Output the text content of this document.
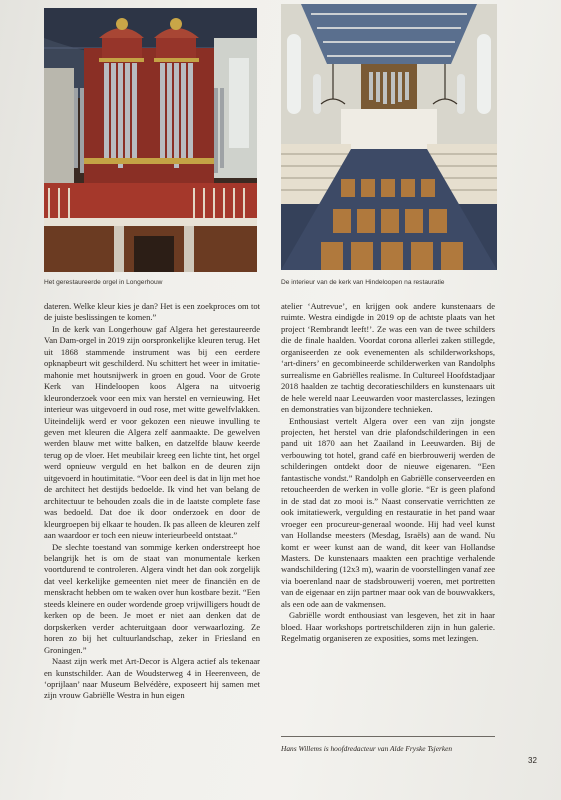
Het gerestaureerde orgel in Longerhouw	De interieur van de kerk van Hindeloopen na restauratie

dateren. Welke kleur kies je dan? Het is een zoekproces om tot de juiste beslissingen te komen.”

In de kerk van Longerhouw gaf Algera het gerestaureerde Van Dam-orgel in 2019 zijn oorspronkelijke kleuren terug. Het uit 1868 stammende instrument was bij een eerdere opknapbeurt wit geschilderd. Nu schittert het weer in imitatie-mahonie met houtsnijwerk in groen en goud. Voor de Grote Kerk van Hindeloopen koos Algera na uitvoerig kleuronderzoek voor een mix van herstel en vernieuwing. Het interieur was uitgevoerd in oud rose, met witte gewelfvlakken. Uiteindelijk werd er voor gekozen een nieuwe invulling te geven met kleuren die Algera zelf aanmaakte. De gewelven werden blauw met witte balken, en datzelfde blauw keerde terug op de vloer. Het meubilair kreeg een lichte tint, het orgel werd opnieuw verguld en het balkon en de deuren zijn uitgevoerd in houtimitatie. “Voor een deel is dat in lijn met hoe de architect het destijds bedoelde. Ik vind het van belang de architectuur te behouden zoals die in de laatste complete fase was bedoeld. Dat doe ik door onderzoek en door de kleurgroepen bij elkaar te houden. Ik pas alleen de kleuren zelf aan waardoor er toch een nieuw interieurbeeld ontstaat.”

De slechte toestand van sommige kerken onderstreept hoe belangrijk het is om de staat van monumentale kerken voortdurend te controleren. Algera vindt het dan ook zorgelijk dat veel kerkelijke gemeenten niet meer de financiën en de menskracht hebben om te waken over hun kostbare bezit. “Een steeds kleinere en ouder wordende groep vrijwilligers houdt de kerken op de been. Je moet er niet aan denken dat de dorpskerken verder achteruitgaan door verwaarlozing. Ze horen zo bij het cultuurlandschap, zeker in Friesland en Groningen.”

Naast zijn werk met Art-Decor is Algera actief als tekenaar en kunstschilder. Aan de Woudsterweg 4 in Heerenveen, de ‘oprijlaan’ naar Museum Belvédère, exposeert hij samen met zijn vrouw Gabriëlle Westra in hun eigen

atelier ‘Autrevue’, en krijgen ook andere kunstenaars de ruimte. Westra eindigde in 2019 op de achtste plaats van het project ‘Rembrandt leeft!’. Ze was een van de twee schilders die de finale haalden. Voordat corona allerlei zaken stillegde, organiseerden ze ook evenementen als schilderworkshops, ‘art-diners’ en gecombineerde schilderwerken van Randolphs surrealisme en Gabriëlles realisme. In Cultureel Hoofdstadjaar 2018 haalden ze tachtig decoratieschilders en kunstenaars uit de hele wereld naar Leeuwarden voor masterclasses, lezingen en demonstraties van bijzondere technieken.

Enthousiast vertelt Algera over een van zijn jongste projecten, het herstel van drie plafondschilderingen in een pand uit 1870 aan het Zaailand in Leeuwarden. Bij de verbouwing tot hotel, grand café en bierbrouwerij werden de schilderingen ontdekt door de nieuwe eigenaren. “Een fantastische vondst.” Randolph en Gabriëlle conserveerden en retoucheerden de werken in volle glorie. “Er is geen plafond in de stad dat zo mooi is.” Naast conservatie verrichtten ze ook imitatiewerk, vergulding en restauratie in het pand waar vroeger een procureur-generaal woonde. Hij had veel kunst van Hollandse meesters (Mesdag, Israëls) aan de wand. Nu komt er weer kunst aan de wand, dit keer van Hollandse Masters. De kunstenaars maakten een prachtige verhalende wandschildering (12x3 m), waarin de voorstellingen vanaf zee via boerenland naar de stadsbrouwerij voeren, met portretten van de eigenaar en zijn partner maar ook van de bouwvakkers, als een ode aan de vakmensen.

Gabriëlle wordt enthousiast van lesgeven, het zit in haar bloed. Haar workshops portretschilderen zijn in hun galerie. Regelmatig organiseren ze exposities, soms met lezingen.

Hans Willems is hoofdredacteur van Alde Fryske Tsjerken
32
